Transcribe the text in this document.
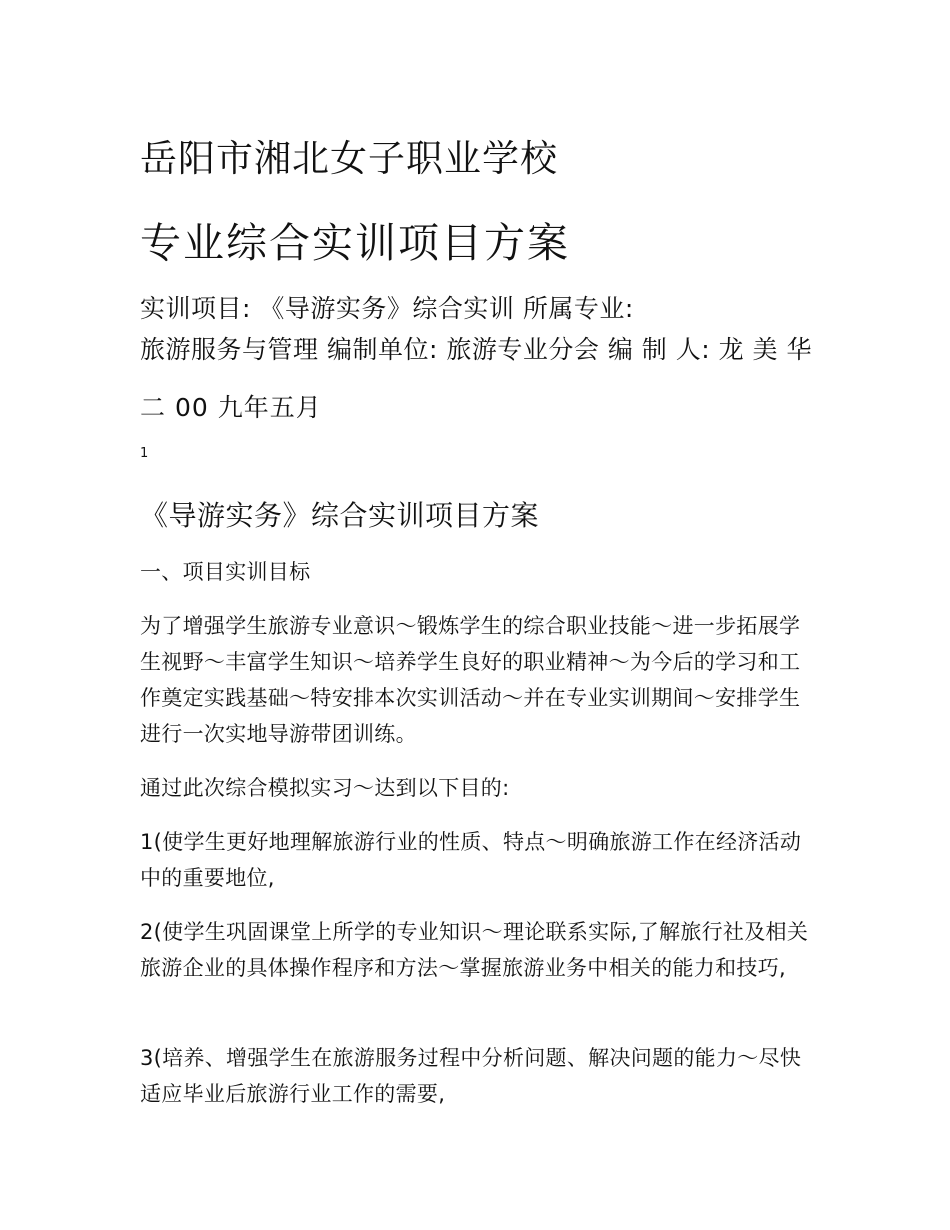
岳阳市湘北女子职业学校
专业综合实训项目方案

实训项目: 《导游实务》综合实训 所属专业: 旅游服务与管理 编制单位: 旅游专业分会 编 制 人: 龙 美 华

二 00 九年五月

1

《导游实务》综合实训项目方案

一、项目实训目标

为了增强学生旅游专业意识～锻炼学生的综合职业技能～进一步拓展学生视野～丰富学生知识～培养学生良好的职业精神～为今后的学习和工作奠定实践基础～特安排本次实训活动～并在专业实训期间～安排学生进行一次实地导游带团训练。

通过此次综合模拟实习～达到以下目的:

1(使学生更好地理解旅游行业的性质、特点～明确旅游工作在经济活动中的重要地位,

2(使学生巩固课堂上所学的专业知识～理论联系实际,了解旅行社及相关旅游企业的具体操作程序和方法～掌握旅游业务中相关的能力和技巧,

3(培养、增强学生在旅游服务过程中分析问题、解决问题的能力～尽快适应毕业后旅游行业工作的需要,
